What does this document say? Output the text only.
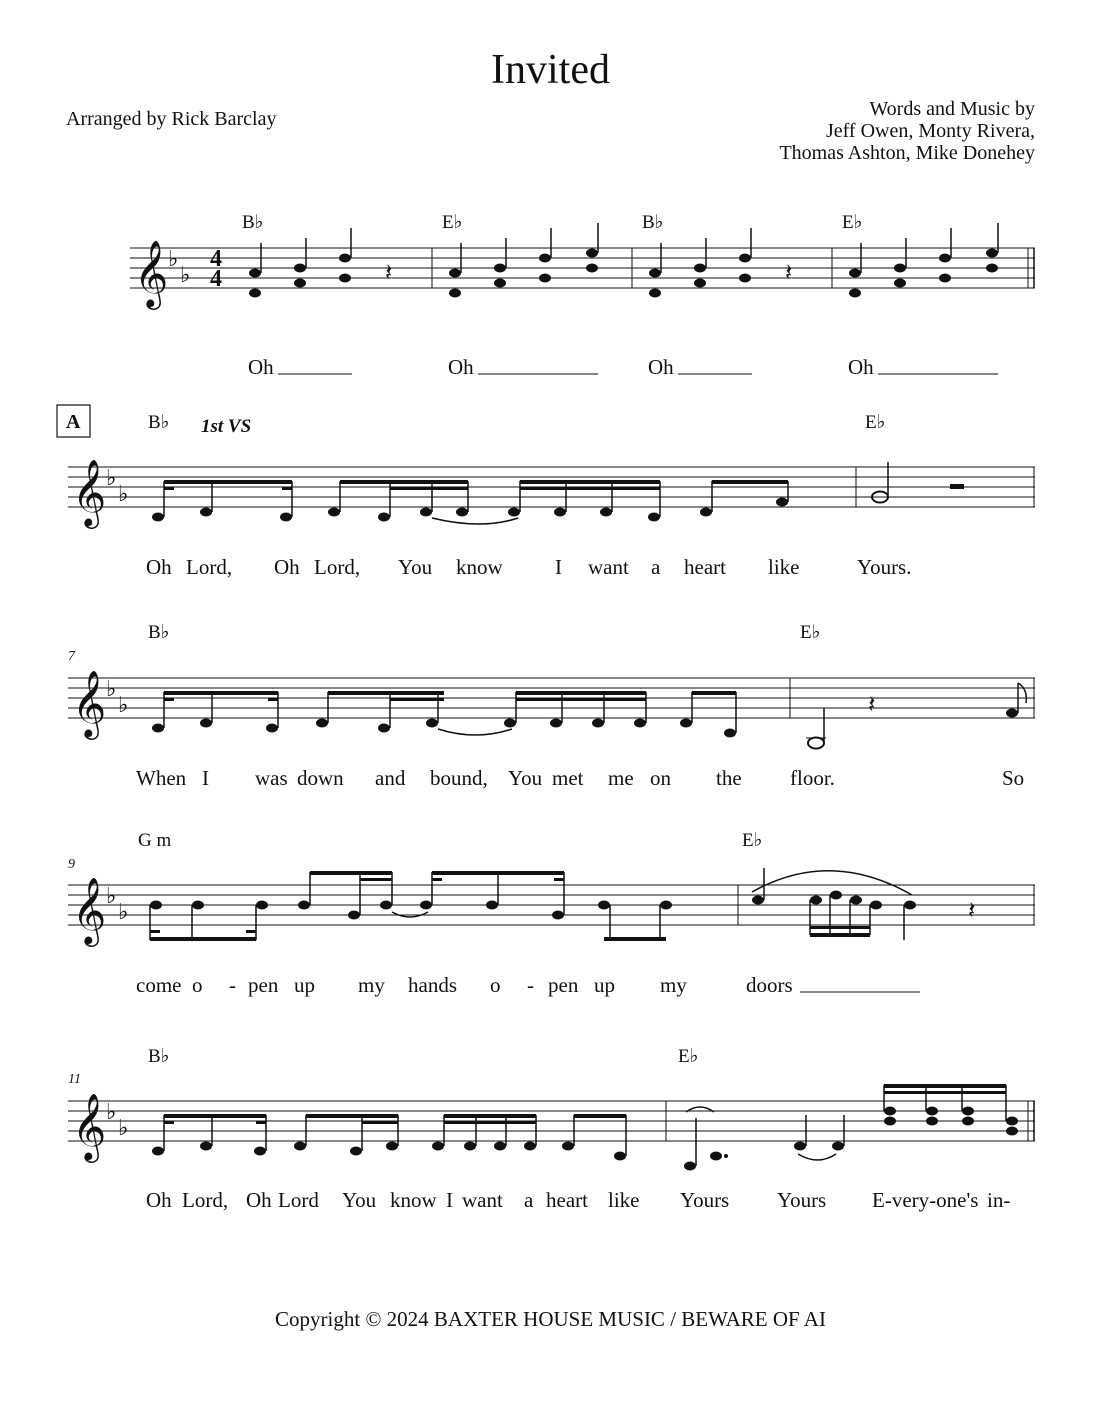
Invited
Arranged by Rick Barclay	Words and Music by
Jeff Owen, Monty Rivera,
Thomas Ashton, Mike Donehey
𝄞 ♭
♭
4
4
B♭	E♭	B♭	E♭
𝄽	𝄽
Oh	Oh	Oh	Oh
A	B♭ 1st VS	E♭
𝄞 ♭
♭
Oh Lord, Oh Lord, You know I want a heart like	Yours.
7
B♭	E♭
𝄞 ♭
♭	𝄽
When I was down and bound, You met me on the floor.	So
9
G m	E♭
𝄞 ♭
♭	𝄽
come o - pen up my hands o - pen up my	doors
11
B♭	E♭
𝄞 ♭
♭
Oh Lord, Oh Lord You know I want a heart like Yours Yours E-very-one's in-
Copyright © 2024 BAXTER HOUSE MUSIC / BEWARE OF AI
